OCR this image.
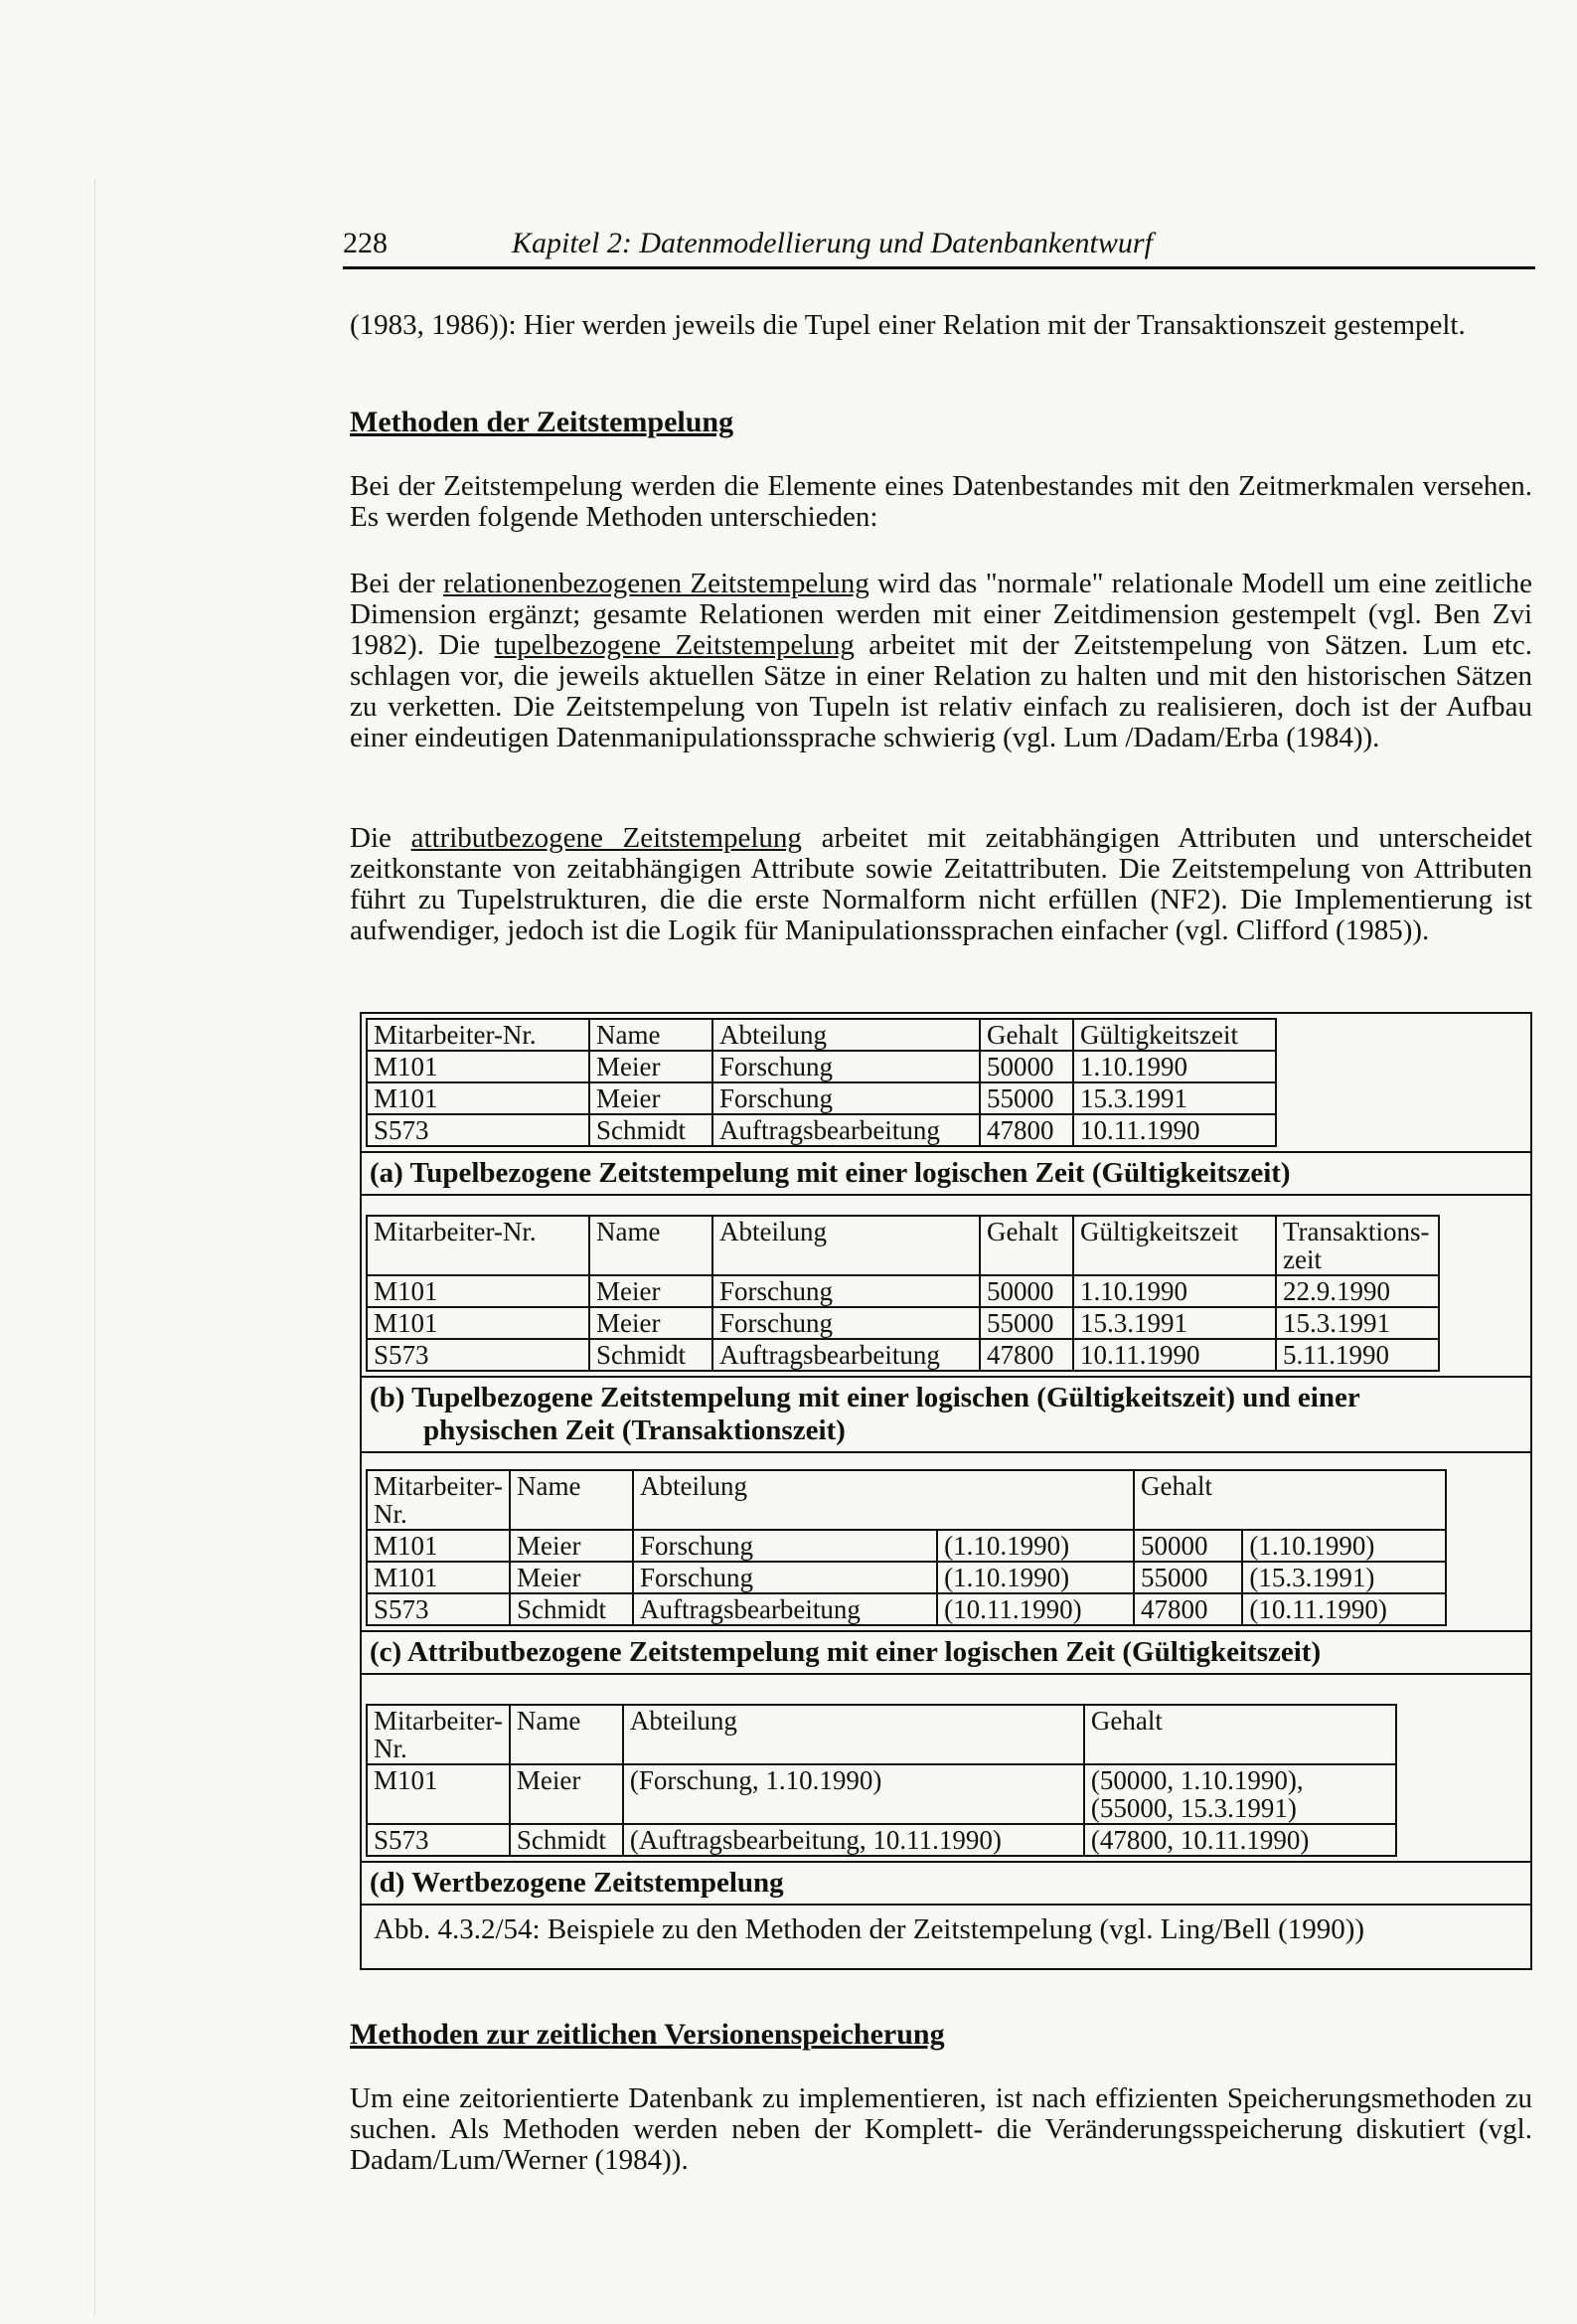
228	Kapitel 2: Datenmodellierung und Datenbankentwurf
(1983, 1986)): Hier werden jeweils die Tupel einer Relation mit der Transaktionszeit gestempelt.
Methoden der Zeitstempelung
Bei der Zeitstempelung werden die Elemente eines Datenbestandes mit den Zeitmerkmalen versehen. Es werden folgende Methoden unterschieden:
Bei der relationenbezogenen Zeitstempelung wird das "normale" relationale Modell um eine zeitliche Dimension ergänzt; gesamte Relationen werden mit einer Zeitdimension gestempelt (vgl. Ben Zvi 1982). Die tupelbezogene Zeitstempelung arbeitet mit der Zeitstempelung von Sätzen. Lum etc. schlagen vor, die jeweils aktuellen Sätze in einer Relation zu halten und mit den historischen Sätzen zu verketten. Die Zeitstempelung von Tupeln ist relativ einfach zu realisieren, doch ist der Aufbau einer eindeutigen Datenmanipulationssprache schwierig (vgl. Lum /Dadam/Erba (1984)).
Die attributbezogene Zeitstempelung arbeitet mit zeitabhängigen Attributen und unterscheidet zeitkonstante von zeitabhängigen Attribute sowie Zeitattributen. Die Zeitstempelung von Attributen führt zu Tupelstrukturen, die die erste Normalform nicht erfüllen (NF2). Die Implementierung ist aufwendiger, jedoch ist die Logik für Manipulationssprachen einfacher (vgl. Clifford (1985)).
Mitarbeiter-Nr.	Name	Abteilung	Gehalt	Gültigkeitszeit
M101	Meier	Forschung	50000	1.10.1990
M101	Meier	Forschung	55000	15.3.1991
S573	Schmidt	Auftragsbearbeitung	47800	10.11.1990
(a) Tupelbezogene Zeitstempelung mit einer logischen Zeit (Gültigkeitszeit)
Mitarbeiter-Nr.	Name	Abteilung	Gehalt	Gültigkeitszeit	Transaktions-zeit
M101	Meier	Forschung	50000	1.10.1990	22.9.1990
M101	Meier	Forschung	55000	15.3.1991	15.3.1991
S573	Schmidt	Auftragsbearbeitung	47800	10.11.1990	5.11.1990
(b) Tupelbezogene Zeitstempelung mit einer logischen (Gültigkeitszeit) und einer
physischen Zeit (Transaktionszeit)
Mitarbeiter-Nr.	Name	Abteilung		Gehalt	
M101	Meier	Forschung	(1.10.1990)	50000	(1.10.1990)
M101	Meier	Forschung	(1.10.1990)	55000	(15.3.1991)
S573	Schmidt	Auftragsbearbeitung	(10.11.1990)	47800	(10.11.1990)
(c) Attributbezogene Zeitstempelung mit einer logischen Zeit (Gültigkeitszeit)
Mitarbeiter-Nr.	Name	Abteilung	Gehalt
M101	Meier	(Forschung, 1.10.1990)	(50000, 1.10.1990),
(55000, 15.3.1991)
S573	Schmidt	(Auftragsbearbeitung, 10.11.1990)	(47800, 10.11.1990)
(d) Wertbezogene Zeitstempelung
Abb. 4.3.2/54: Beispiele zu den Methoden der Zeitstempelung (vgl. Ling/Bell (1990))
Methoden zur zeitlichen Versionenspeicherung
Um eine zeitorientierte Datenbank zu implementieren, ist nach effizienten Speicherungsmethoden zu suchen. Als Methoden werden neben der Komplett- die Veränderungsspeicherung diskutiert (vgl. Dadam/Lum/Werner (1984)).
